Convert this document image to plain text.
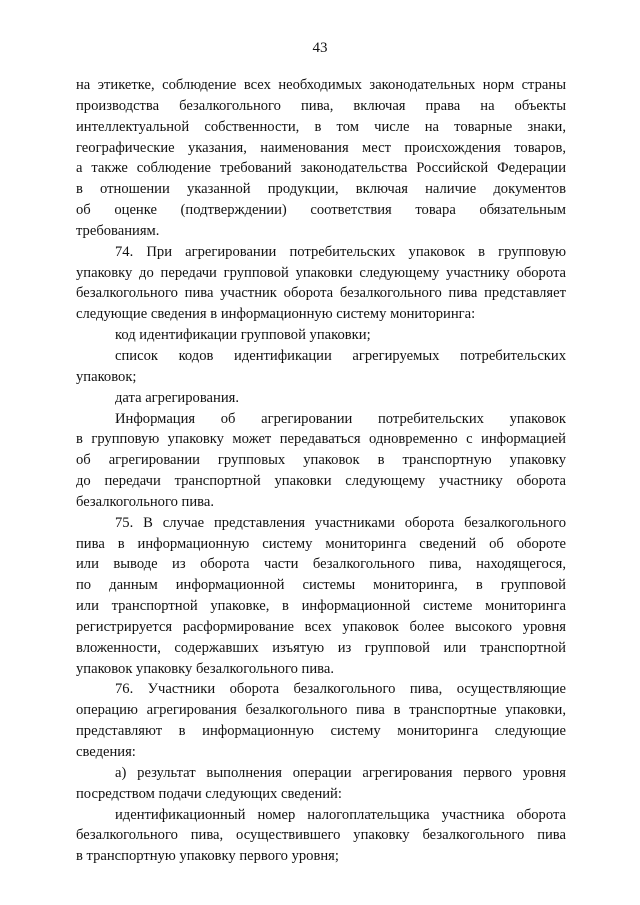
43
на этикетке, соблюдение всех необходимых законодательных норм страны
производства безалкогольного пива, включая права на объекты
интеллектуальной собственности, в том числе на товарные знаки,
географические указания, наименования мест происхождения товаров,
а также соблюдение требований законодательства Российской Федерации
в отношении указанной продукции, включая наличие документов
об оценке (подтверждении) соответствия товара обязательным
требованиям.
74. При агрегировании потребительских упаковок в групповую
упаковку до передачи групповой упаковки следующему участнику оборота
безалкогольного пива участник оборота безалкогольного пива представляет
следующие сведения в информационную систему мониторинга:
код идентификации групповой упаковки;
список кодов идентификации агрегируемых потребительских
упаковок;
дата агрегирования.
Информация об агрегировании потребительских упаковок
в групповую упаковку может передаваться одновременно с информацией
об агрегировании групповых упаковок в транспортную упаковку
до передачи транспортной упаковки следующему участнику оборота
безалкогольного пива.
75. В случае представления участниками оборота безалкогольного
пива в информационную систему мониторинга сведений об обороте
или выводе из оборота части безалкогольного пива, находящегося,
по данным информационной системы мониторинга, в групповой
или транспортной упаковке, в информационной системе мониторинга
регистрируется расформирование всех упаковок более высокого уровня
вложенности, содержавших изъятую из групповой или транспортной
упаковок упаковку безалкогольного пива.
76. Участники оборота безалкогольного пива, осуществляющие
операцию агрегирования безалкогольного пива в транспортные упаковки,
представляют в информационную систему мониторинга следующие
сведения:
а) результат выполнения операции агрегирования первого уровня
посредством подачи следующих сведений:
идентификационный номер налогоплательщика участника оборота
безалкогольного пива, осуществившего упаковку безалкогольного пива
в транспортную упаковку первого уровня;
